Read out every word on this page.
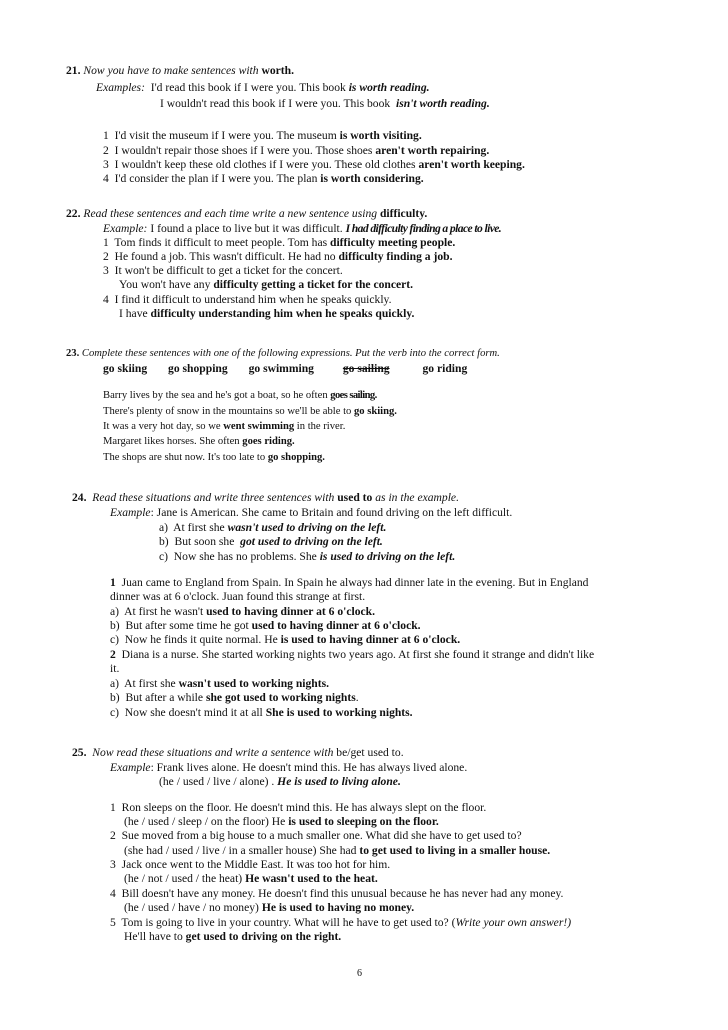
21. Now you have to make sentences with worth.
Examples:  I'd read this book if I were you. This book is worth reading.
I wouldn't read this book if I were you. This book  isn't worth reading.
1  I'd visit the museum if I were you. The museum is worth visiting.
2  I wouldn't repair those shoes if I were you. Those shoes aren't worth repairing.
3  I wouldn't keep these old clothes if I were you. These old clothes aren't worth keeping.
4  I'd consider the plan if I were you. The plan is worth considering.
22. Read these sentences and each time write a new sentence using difficulty.
Example: I found a place to live but it was difficult. I had difficulty finding a place to live.
1  Tom finds it difficult to meet people. Tom has difficulty meeting people.
2  He found a job. This wasn't difficult. He had no difficulty finding a job.
3  It won't be difficult to get a ticket for the concert.
You won't have any difficulty getting a ticket for the concert.
4  I find it difficult to understand him when he speaks quickly.
I have difficulty understanding him when he speaks quickly.
23. Complete these sentences with one of the following expressions. Put the verb into the correct form.
go skiing go shopping go swimming go sailing	go riding
Barry lives by the sea and he's got a boat, so he often goes sailing.
There's plenty of snow in the mountains so we'll be able to go skiing.
It was a very hot day, so we went swimming in the river.
Margaret likes horses. She often goes riding.
The shops are shut now. It's too late to go shopping.
24. Read these situations and write three sentences with used to as in the example.
Example: Jane is American. She came to Britain and found driving on the left difficult.
a)  At first she wasn't used to driving on the left.
b)  But soon she  got used to driving on the left.
c)  Now she has no problems. She is used to driving on the left.
1  Juan came to England from Spain. In Spain he always had dinner late in the evening. But in England
dinner was at 6 o'clock. Juan found this strange at first.
a)  At first he wasn't used to having dinner at 6 o'clock.
b)  But after some time he got used to having dinner at 6 o'clock.
c)  Now he finds it quite normal. He is used to having dinner at 6 o'clock.
2  Diana is a nurse. She started working nights two years ago. At first she found it strange and didn't like
it.
a)  At first she wasn't used to working nights.
b)  But after a while she got used to working nights.
c)  Now she doesn't mind it at all She is used to working nights.
25. Now read these situations and write a sentence with be/get used to.
Example: Frank lives alone. He doesn't mind this. He has always lived alone.
(he / used / live / alone) . He is used to living alone.
1  Ron sleeps on the floor. He doesn't mind this. He has always slept on the floor.
(he / used / sleep / on the floor) He is used to sleeping on the floor.
2  Sue moved from a big house to a much smaller one. What did she have to get used to?
(she had / used / live / in a smaller house) She had to get used to living in a smaller house.
3  Jack once went to the Middle East. It was too hot for him.
(he / not / used / the heat) He wasn't used to the heat.
4  Bill doesn't have any money. He doesn't find this unusual because he has never had any money.
(he / used / have / no money) He is used to having no money.
5  Tom is going to live in your country. What will he have to get used to? (Write your own answer!)
He'll have to get used to driving on the right.
6
